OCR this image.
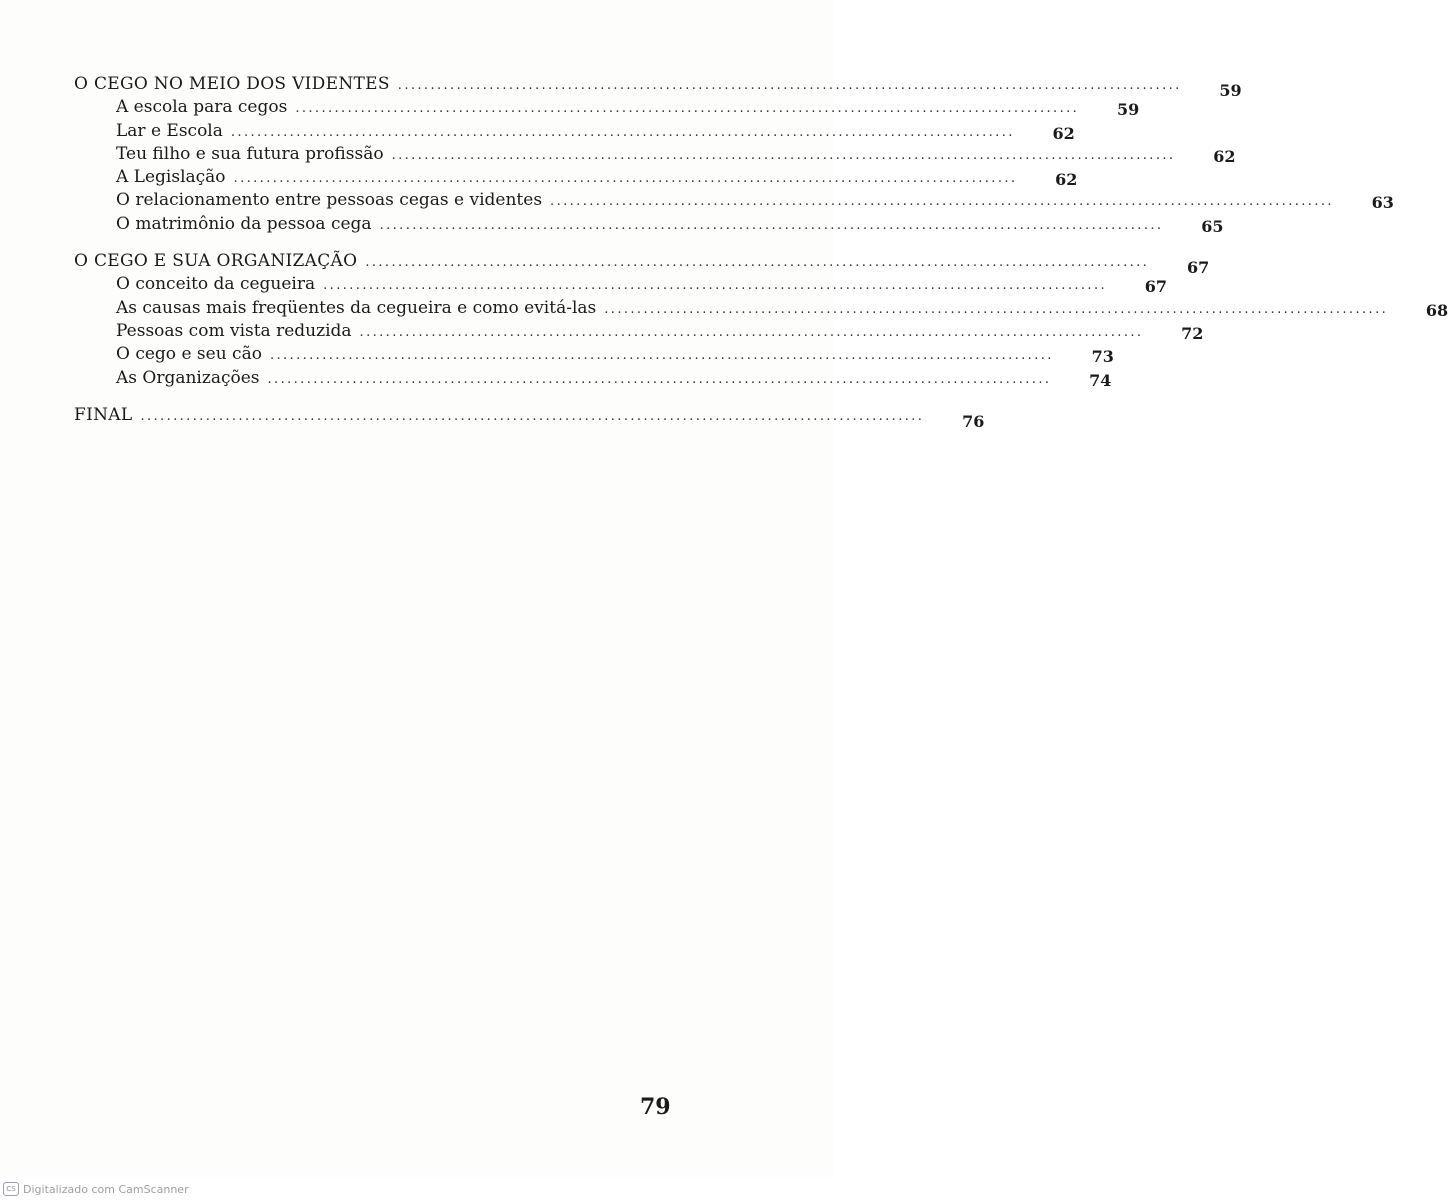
O CEGO NO MEIO DOS VIDENTES ........................................................................................................................	59
A escola para cegos ........................................................................................................................	59
Lar e Escola ........................................................................................................................	62
Teu filho e sua futura profissão ........................................................................................................................	62
A Legislação ........................................................................................................................	62
O relacionamento entre pessoas cegas e videntes ........................................................................................................................	63
O matrimônio da pessoa cega ........................................................................................................................	65
O CEGO E SUA ORGANIZAÇÃO ........................................................................................................................	67
O conceito da cegueira ........................................................................................................................	67
As causas mais freqüentes da cegueira e como evitá-las ........................................................................................................................	68
Pessoas com vista reduzida ........................................................................................................................	72
O cego e seu cão ........................................................................................................................	73
As Organizações ........................................................................................................................	74
FINAL ........................................................................................................................	76
79
CS Digitalizado com CamScanner
